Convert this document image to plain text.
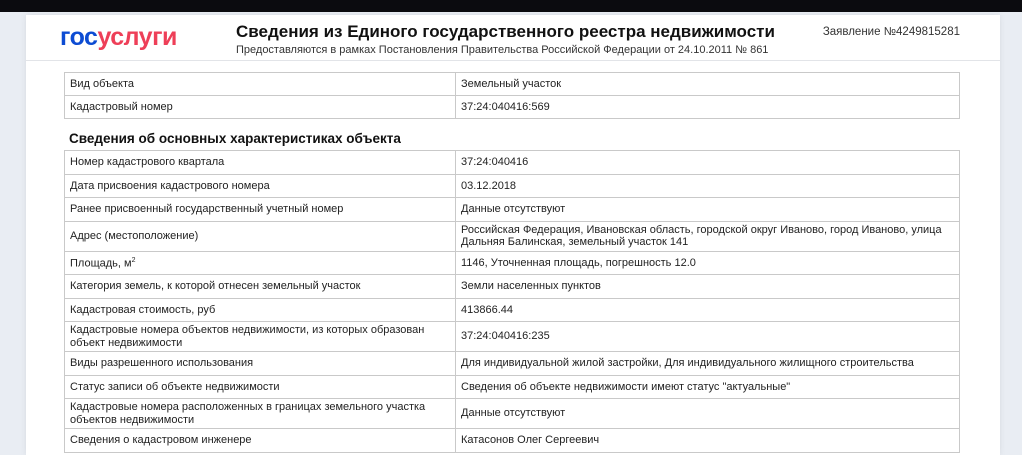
госуслуги	Сведения из Единого государственного реестра недвижимости
Предоставляются в рамках Постановления Правительства Российской Федерации от 24.10.2011 № 861
Заявление №4249815281
Вид объекта	Земельный участок
Кадастровый номер	37:24:040416:569
Сведения об основных характеристиках объекта
Номер кадастрового квартала	37:24:040416
Дата присвоения кадастрового номера	03.12.2018
Ранее присвоенный государственный учетный номер	Данные отсутствуют
Адрес (местоположение)	Российская Федерация, Ивановская область, городской округ Иваново, город Иваново, улица Дальняя Балинская, земельный участок 141
Площадь, $м^2$	1146, Уточненная площадь, погрешность 12.0
Категория земель, к которой отнесен земельный участок	Земли населенных пунктов
Кадастровая стоимость, руб	413866.44
Кадастровые номера объектов недвижимости, из которых образован объект недвижимости	37:24:040416:235
Виды разрешенного использования	Для индивидуальной жилой застройки, Для индивидуального жилищного строительства
Статус записи об объекте недвижимости	Сведения об объекте недвижимости имеют статус "актуальные"
Кадастровые номера расположенных в границах земельного участка объектов недвижимости	Данные отсутствуют
Сведения о кадастровом инженере	Катасонов Олег Сергеевич
